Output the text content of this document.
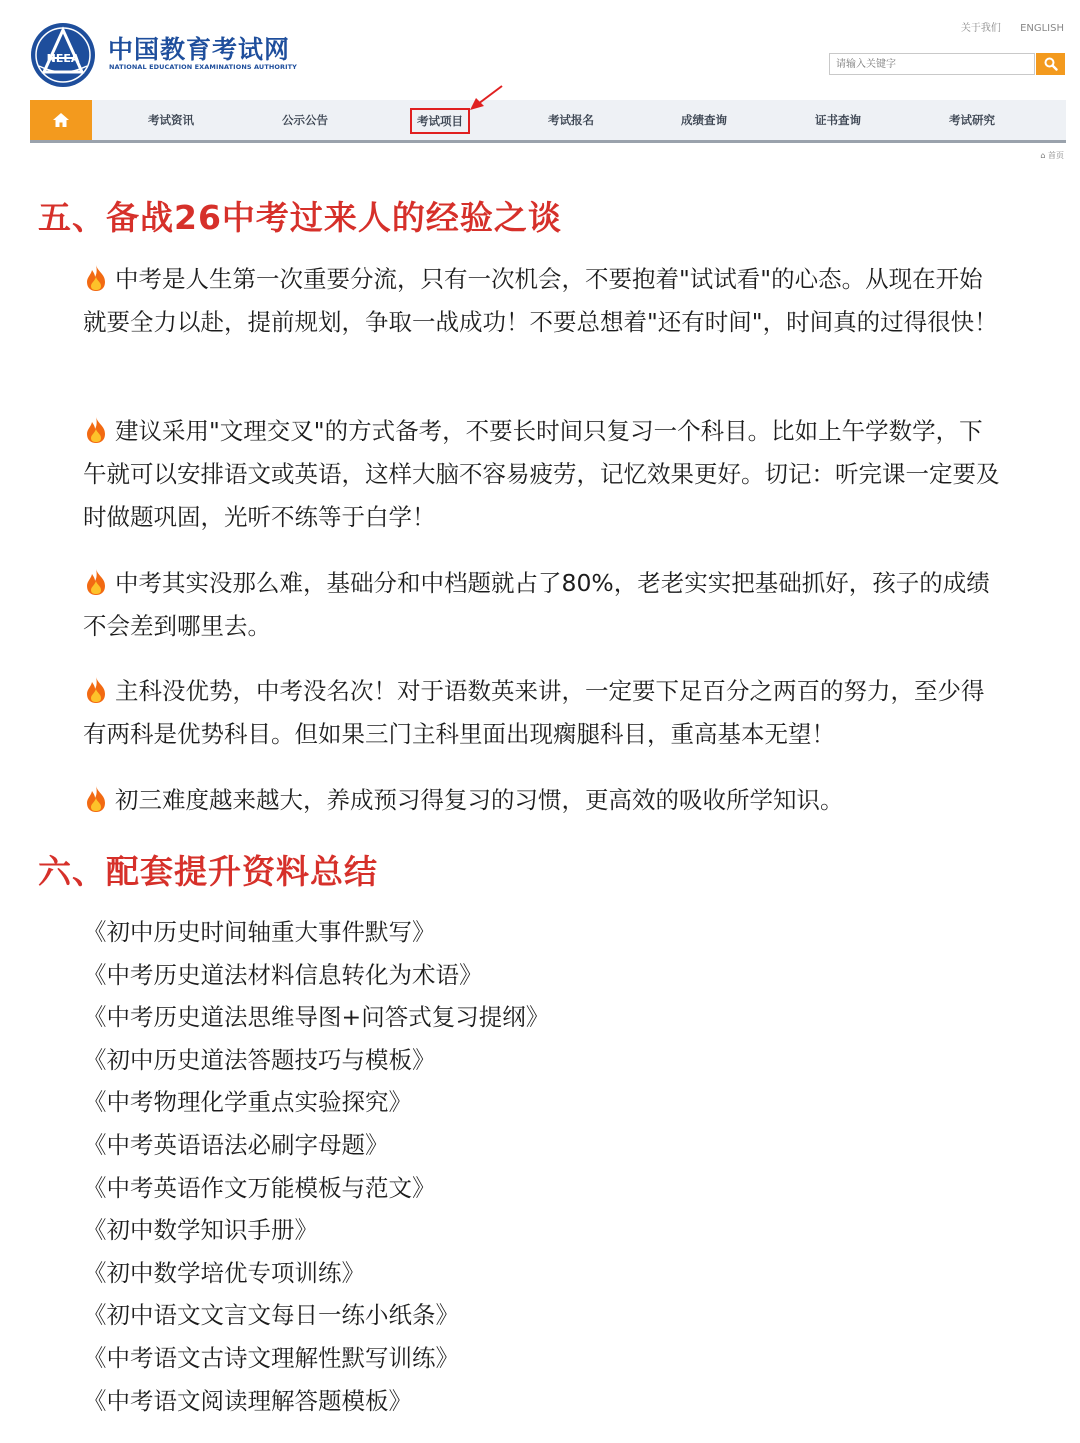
NEEA 中国教育考试网
NATIONAL EDUCATION EXAMINATIONS AUTHORITY
关于我们 ENGLISH
请输入关键字
考试资讯	公示公告	考试项目	考试报名	成绩查询	证书查询	考试研究
⌂ 首页
五、备战26中考过来人的经验之谈

中考是人生第一次重要分流，只有一次机会，不要抱着"试试看"的心态。从现在开始就要全力以赴，提前规划，争取一战成功！不要总想着"还有时间"，时间真的过得很快！

建议采用"文理交叉"的方式备考，不要长时间只复习一个科目。比如上午学数学，下午就可以安排语文或英语，这样大脑不容易疲劳，记忆效果更好。切记：听完课一定要及时做题巩固，光听不练等于白学！

中考其实没那么难，基础分和中档题就占了80%，老老实实把基础抓好，孩子的成绩不会差到哪里去。

主科没优势，中考没名次！对于语数英来讲，一定要下足百分之两百的努力，至少得有两科是优势科目。但如果三门主科里面出现瘸腿科目，重高基本无望！

初三难度越来越大，养成预习得复习的习惯，更高效的吸收所学知识。

六、配套提升资料总结
《初中历史时间轴重大事件默写》
《中考历史道法材料信息转化为术语》
《中考历史道法思维导图+问答式复习提纲》
《初中历史道法答题技巧与模板》
《中考物理化学重点实验探究》
《中考英语语法必刷字母题》
《中考英语作文万能模板与范文》
《初中数学知识手册》
《初中数学培优专项训练》
《初中语文文言文每日一练小纸条》
《中考语文古诗文理解性默写训练》
《中考语文阅读理解答题模板》
